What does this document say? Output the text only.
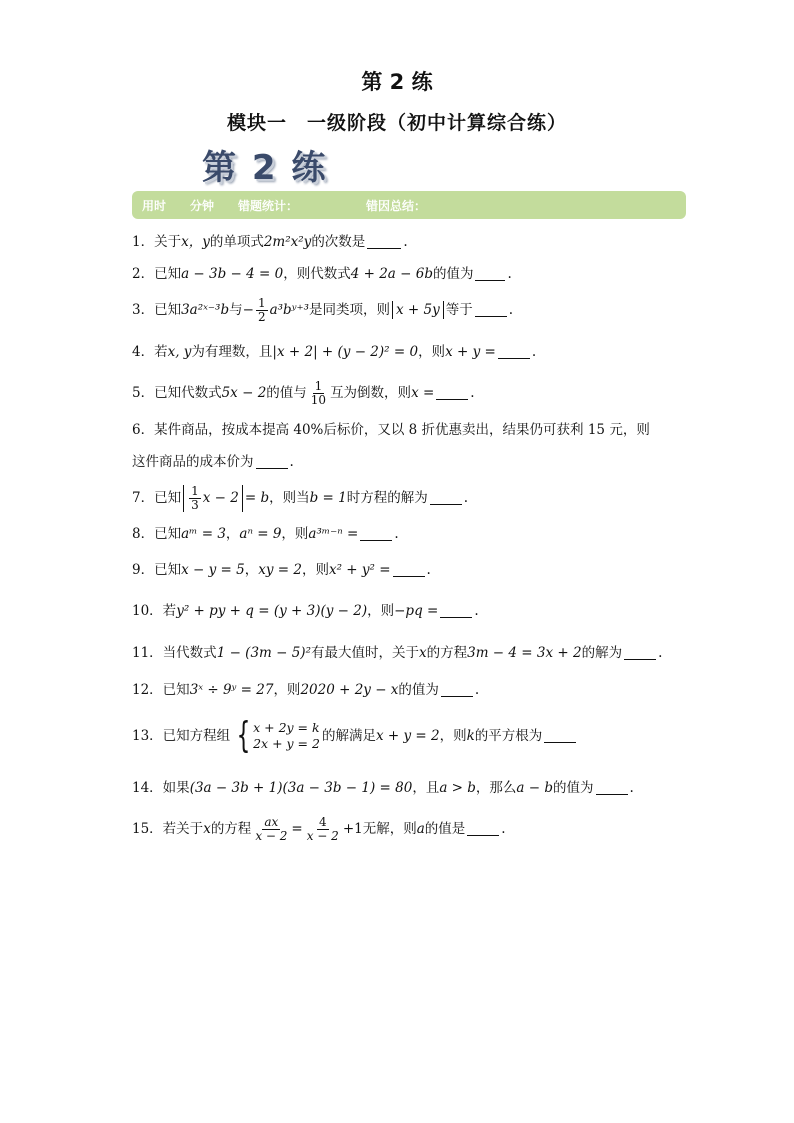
第 2 练
模块一　一级阶段（初中计算综合练）
第 2 练
用时 分钟 错题统计：	错因总结：
1．关于 x，y 的单项式 2m²x²y 的次数是	.
2．已知 a − 3b − 4 = 0 ，则代数式 4 + 2a − 6b 的值为	.
3．已知 3a²ˣ⁻³b 与 − $\frac{1}{2}$ a³bʸ⁺³ 是同类项，则 x + 5y 等于	.
4．若 x, y 为有理数，且 |x + 2| + (y − 2)² = 0 ，则 x + y =	.
5．已知代数式 5x − 2 的值与 $\frac{1}{10}$ 互为倒数，则 x =	.
6．某件商品，按成本提高 40%后标价，又以 8 折优惠卖出，结果仍可获利 15 元，则
这件商品的成本价为	.
7．已知 $\frac{1}{3}$ x − 2 = b ，则当 b = 1 时方程的解为	.
8．已知 aᵐ = 3 ， aⁿ = 9 ，则 a³ᵐ⁻ⁿ =	.
9．已知 x − y = 5 ， xy = 2 ，则 x² + y² =	.
10．若 y² + py + q = (y + 3)(y − 2) ，则 −pq =	.
11．当代数式 1 − (3m − 5)² 有最大值时，关于 x 的方程 3m − 4 = 3x + 2 的解为	.
12．已知 3ˣ ÷ 9ʸ = 27 ，则 2020 + 2y − x 的值为	.
13．已知方程组 { x + 2y = k
2x + y = 2 的解满足 x + y = 2 ，则 k 的平方根为
14．如果 (3a − 3b + 1)(3a − 3b − 1) = 80 ，且 a > b ，那么 a − b 的值为	.
15．若关于 x 的方程 $\frac{ax}{x - 2} = \frac{4}{x - 2} +1$ 无解，则 a 的值是	.
